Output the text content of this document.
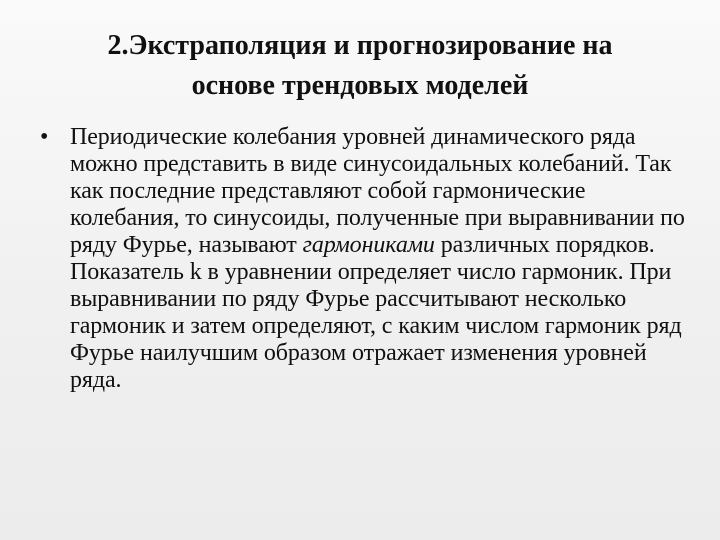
2.Экстраполяция и прогнозирование на
основе трендовых моделей
• Периодические колебания уровней динамического ряда можно представить в виде синусоидальных колебаний. Так как последние представляют собой гармонические колебания, то синусоиды, полученные при выравнивании по ряду Фурье, называют гармониками различных порядков. Показатель k в уравнении определяет число гармоник. При выравнивании по ряду Фурье рассчитывают несколько гармоник и затем определяют, с каким числом гармоник ряд Фурье наилучшим образом отражает изменения уровней ряда.
